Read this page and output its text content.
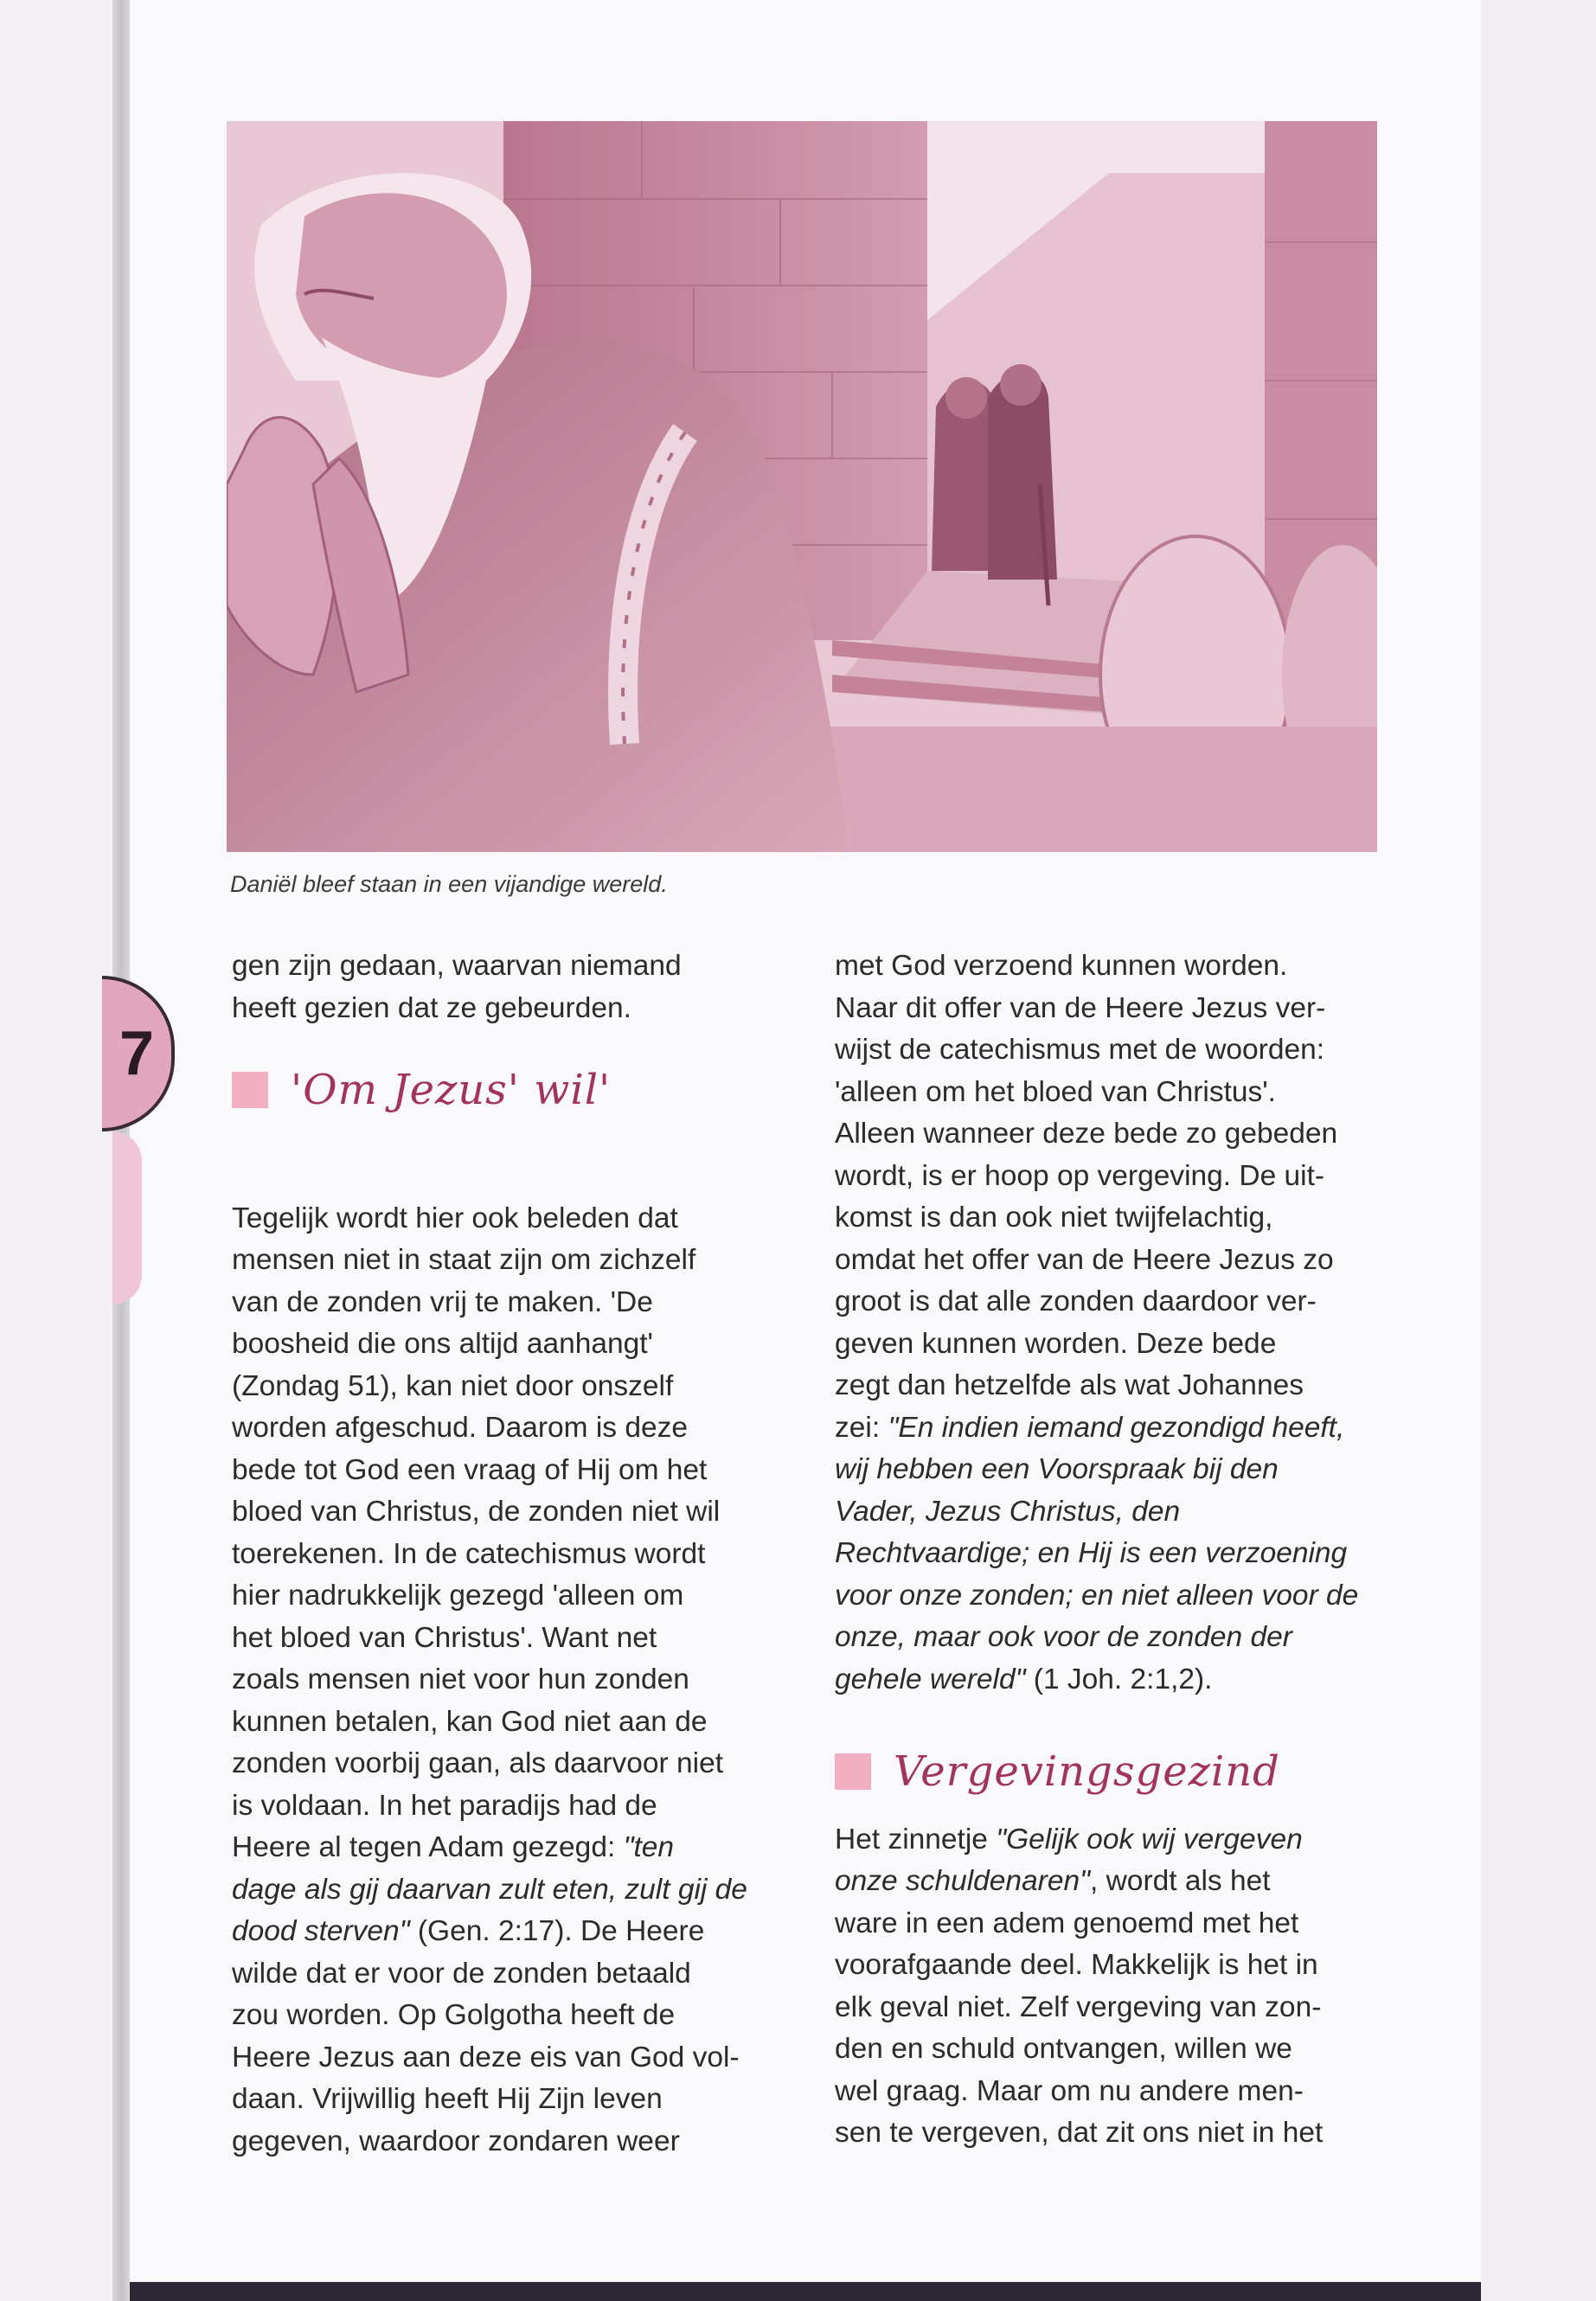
7

Daniël bleef staan in een vijandige wereld.

gen zijn gedaan, waarvan niemand
heeft gezien dat ze gebeurden.

'Om Jezus' wil'

Tegelijk wordt hier ook beleden dat
mensen niet in staat zijn om zichzelf
van de zonden vrij te maken. 'De
boosheid die ons altijd aanhangt'
(Zondag 51), kan niet door onszelf
worden afgeschud. Daarom is deze
bede tot God een vraag of Hij om het
bloed van Christus, de zonden niet wil
toerekenen. In de catechismus wordt
hier nadrukkelijk gezegd 'alleen om
het bloed van Christus'. Want net
zoals mensen niet voor hun zonden
kunnen betalen, kan God niet aan de
zonden voorbij gaan, als daarvoor niet
is voldaan. In het paradijs had de
Heere al tegen Adam gezegd: "ten
dage als gij daarvan zult eten, zult gij de
dood sterven" (Gen. 2:17). De Heere
wilde dat er voor de zonden betaald
zou worden. Op Golgotha heeft de
Heere Jezus aan deze eis van God vol-
daan. Vrijwillig heeft Hij Zijn leven
gegeven, waardoor zondaren weer

met God verzoend kunnen worden.
Naar dit offer van de Heere Jezus ver-
wijst de catechismus met de woorden:
'alleen om het bloed van Christus'.
Alleen wanneer deze bede zo gebeden
wordt, is er hoop op vergeving. De uit-
komst is dan ook niet twijfelachtig,
omdat het offer van de Heere Jezus zo
groot is dat alle zonden daardoor ver-
geven kunnen worden. Deze bede
zegt dan hetzelfde als wat Johannes
zei: "En indien iemand gezondigd heeft,
wij hebben een Voorspraak bij den
Vader, Jezus Christus, den
Rechtvaardige; en Hij is een verzoening
voor onze zonden; en niet alleen voor de
onze, maar ook voor de zonden der
gehele wereld" (1 Joh. 2:1,2).

Vergevingsgezind

Het zinnetje "Gelijk ook wij vergeven
onze schuldenaren", wordt als het
ware in een adem genoemd met het
voorafgaande deel. Makkelijk is het in
elk geval niet. Zelf vergeving van zon-
den en schuld ontvangen, willen we
wel graag. Maar om nu andere men-
sen te vergeven, dat zit ons niet in het
